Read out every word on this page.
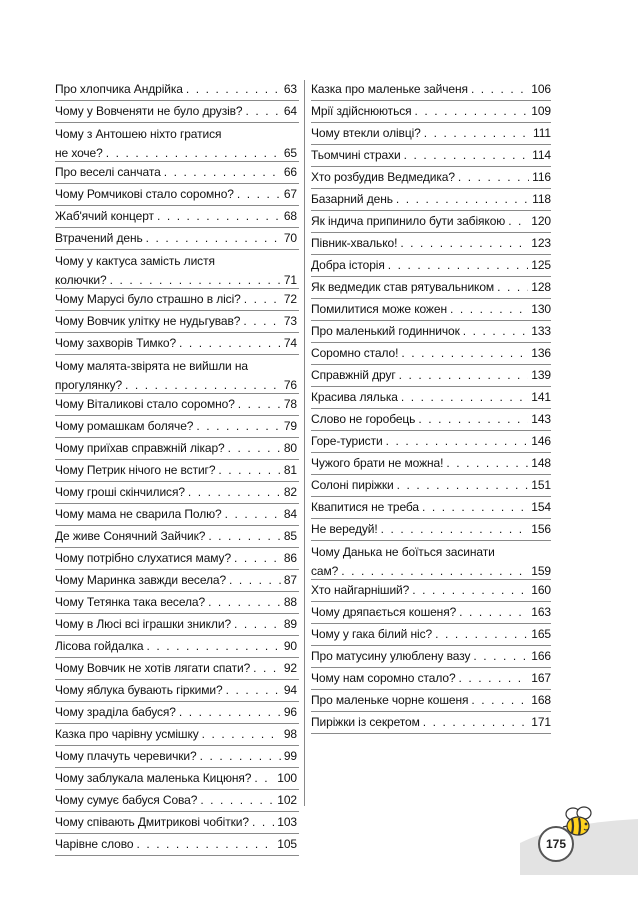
Про хлопчика Андрійка . . .	63
Чому у Вовченяти не було друзів? . . .	64
Чому з Антошею ніхто гратися
не хоче? . . .	65
Про веселі санчата . . .	66
Чому Ромчикові стало соромно? . . .	67
Жаб'ячий концерт . . .	68
Втрачений день . . .	70
Чому у кактуса замість листя
колючки? . . .	71
Чому Марусі було страшно в лісі? . . .	72
Чому Вовчик улітку не нудьгував? . . .	73
Чому захворів Тимко? . . .	74
Чому малята-звірята не вийшли на
прогулянку? . . .	76
Чому Віталикові стало соромно? . . .	78
Чому ромашкам боляче? . . .	79
Чому приїхав справжній лікар? . . .	80
Чому Петрик нічого не встиг? . . .	81
Чому гроші скінчилися? . . .	82
Чому мама не сварила Полю? . . .	84
Де живе Сонячний Зайчик? . . .	85
Чому потрібно слухатися маму? . . .	86
Чому Маринка завжди весела? . . .	87
Чому Тетянка така весела? . . .	88
Чому в Люсі всі іграшки зникли? . . .	89
Лісова гойдалка . . .	90
Чому Вовчик не хотів лягати спати? . . .	92
Чому яблука бувають гіркими? . . .	94
Чому зраділа бабуся? . . .	96
Казка про чарівну усмішку . . .	98
Чому плачуть черевички? . . .	99
Чому заблукала маленька Кицюня? . . . 100
Чому сумує бабуся Сова? . . .	102
Чому співають Дмитрикові чобітки? . . . 103
Чарівне слово . . .	105
Казка про маленьке зайченя . . .	106
Мрії здійснюються . . .	109
Чому втекли олівці? . . .	111
Тьомчині страхи . . .	114
Хто розбудив Ведмедика? . . .	116
Базарний день . . .	118
Як індича припинило бути забіякою . . . 120
Півник-хвалько! . . .	123
Добра історія . . .	125
Як ведмедик став рятувальником . . .	128
Помилитися може кожен . . .	130
Про маленький годинничок . . .	133
Соромно стало! . . .	136
Справжній друг . . .	139
Красива лялька . . .	141
Слово не горобець . . .	143
Горе-туристи . . .	146
Чужого брати не можна! . . .	148
Солоні пиріжки . . .	151
Квапитися не треба . . .	154
Не вередуй! . . .	156
Чому Данька не боїться засинати
сам? . . .	159
Хто найгарніший? . . .	160
Чому дряпається кошеня? . . .	163
Чому у гака білий ніс? . . .	165
Про матусину улюблену вазу . . .	166
Чому нам соромно стало? . . .	167
Про маленьке чорне кошеня . . .	168
Пиріжки із секретом . . .	171
175
